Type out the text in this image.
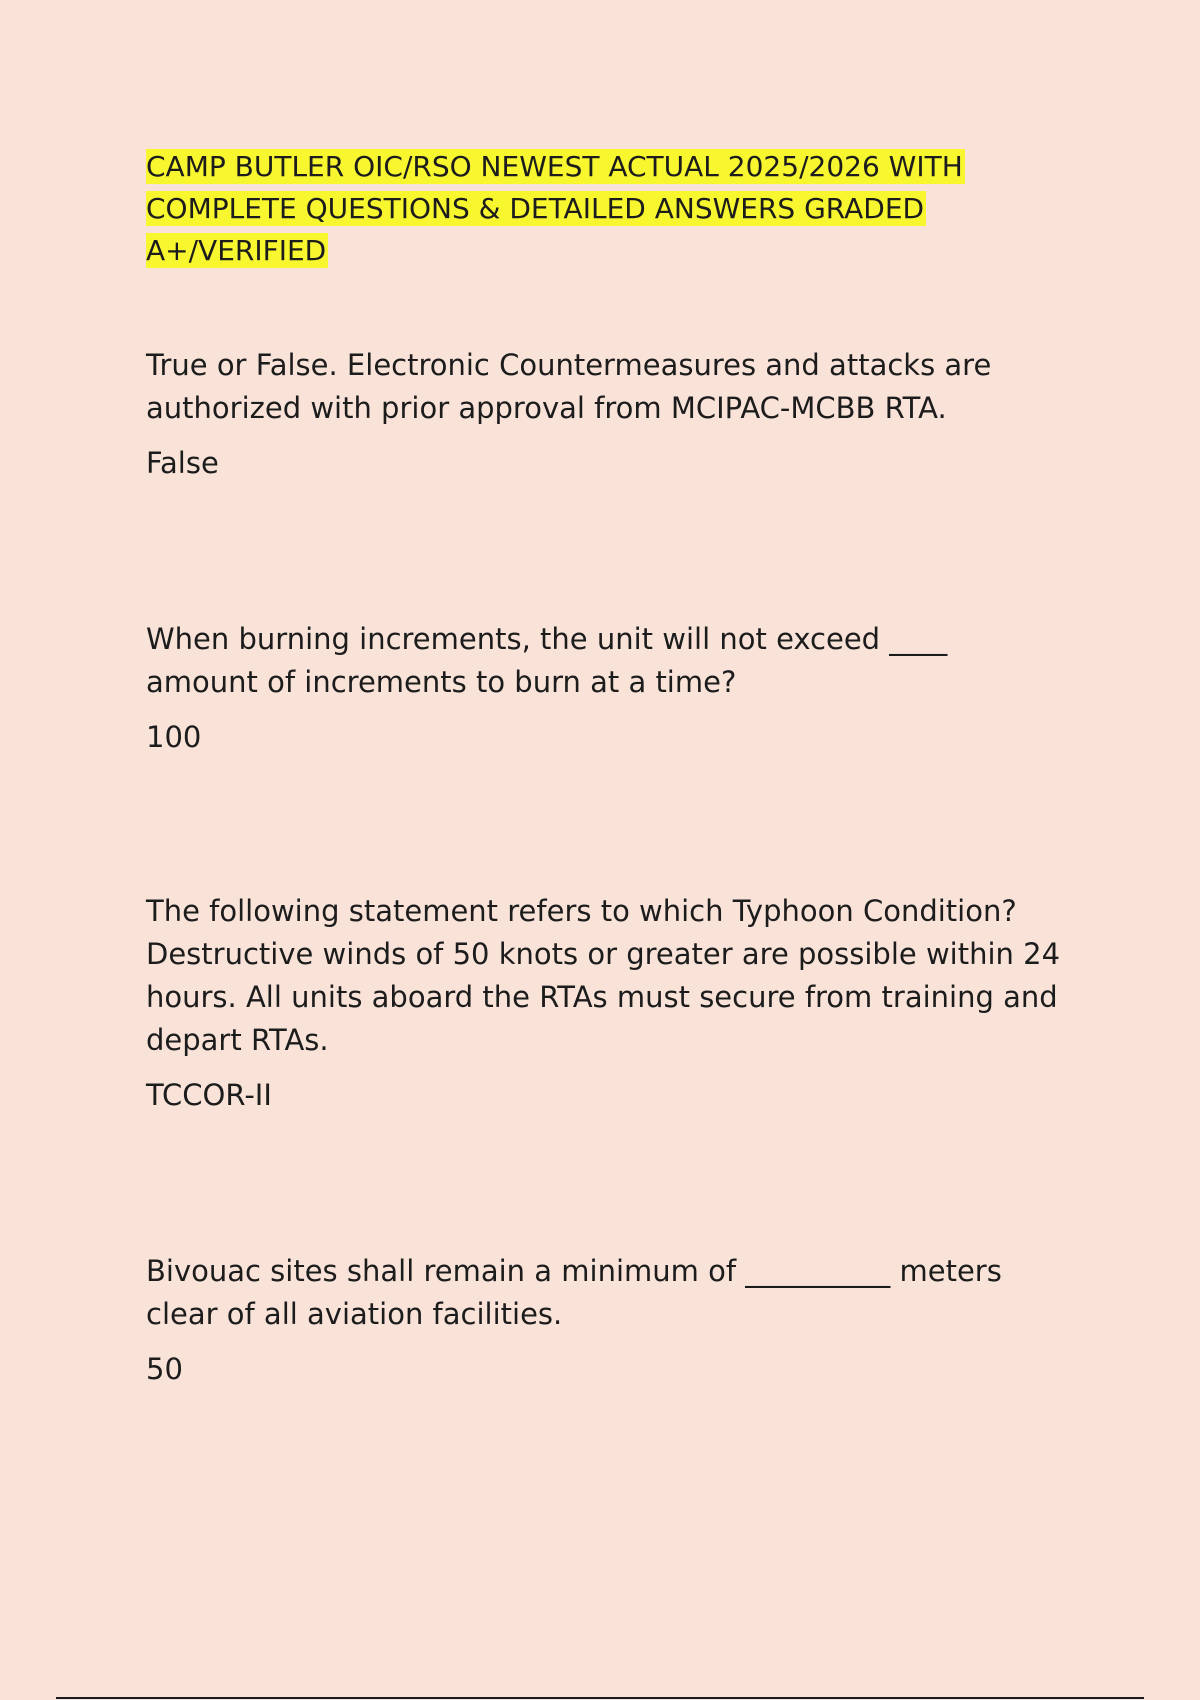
CAMP BUTLER OIC/RSO NEWEST ACTUAL 2025/2026 WITH COMPLETE QUESTIONS & DETAILED ANSWERS GRADED A+/VERIFIED

True or False. Electronic Countermeasures and attacks are authorized with prior approval from MCIPAC-MCBB RTA.

False

When burning increments, the unit will not exceed ____ amount of increments to burn at a time?

100

The following statement refers to which Typhoon Condition? Destructive winds of 50 knots or greater are possible within 24 hours. All units aboard the RTAs must secure from training and depart RTAs.

TCCOR-II

Bivouac sites shall remain a minimum of __________ meters clear of all aviation facilities.

50
